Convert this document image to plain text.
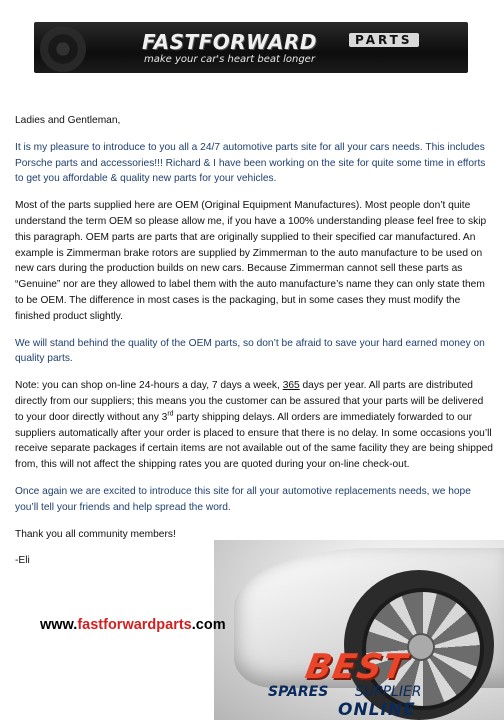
FASTFORWARD	PARTS
make your car's heart beat longer

Ladies and Gentleman,

It is my pleasure to introduce to you all a 24/7 automotive parts site for all your cars needs. This includes Porsche parts and accessories!!! Richard & I have been working on the site for quite some time in efforts to get you affordable & quality new parts for your vehicles.

Most of the parts supplied here are OEM (Original Equipment Manufactures). Most people don’t quite understand the term OEM so please allow me, if you have a 100% understanding please feel free to skip this paragraph. OEM parts are parts that are originally supplied to their specified car manufactured. An example is Zimmerman brake rotors are supplied by Zimmerman to the auto manufacture to be used on new cars during the production builds on new cars. Because Zimmerman cannot sell these parts as “Genuine” nor are they allowed to label them with the auto manufacture’s name they can only state them to be OEM. The difference in most cases is the packaging, but in some cases they must modify the finished product slightly.

We will stand behind the quality of the OEM parts, so don’t be afraid to save your hard earned money on quality parts.

Note: you can shop on-line 24-hours a day, 7 days a week, 365 days per year. All parts are distributed directly from our suppliers; this means you the customer can be assured that your parts will be delivered to your door directly without any 3rd party shipping delays. All orders are immediately forwarded to our suppliers automatically after your order is placed to ensure that there is no delay. In some occasions you’ll receive separate packages if certain items are not available out of the same facility they are being shipped from, this will not affect the shipping rates you are quoted during your on-line check-out.

Once again we are excited to introduce this site for all your automotive replacements needs, we hope you’ll tell your friends and help spread the word.

Thank you all community members!

-Eli

www.fastforwardparts.com
BEST
SPARES SUPPLIER
ONLINE
